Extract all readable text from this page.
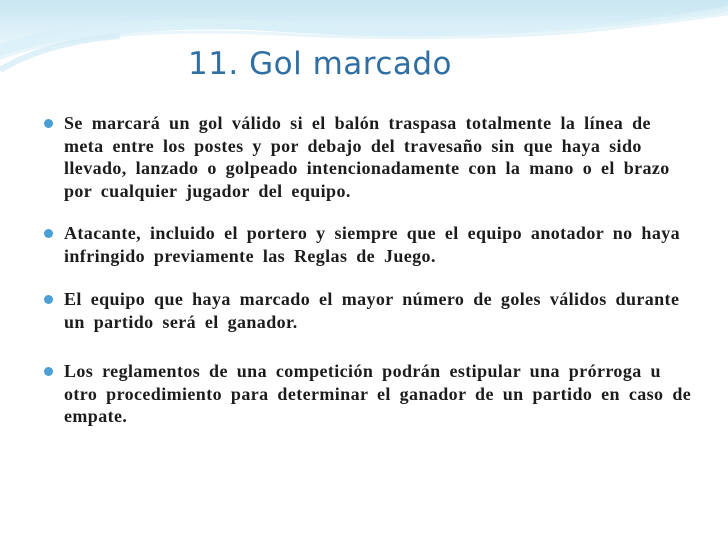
11. Gol marcado
Se marcará un gol válido si el balón traspasa totalmente la línea de meta entre los postes y por debajo del travesaño sin que haya sido llevado, lanzado o golpeado intencionadamente con la mano o el brazo por cualquier jugador del equipo.
Atacante, incluido el portero y siempre que el equipo anotador no haya infringido previamente las Reglas de Juego.
El equipo que haya marcado el mayor número de goles válidos durante un partido será el ganador.
Los reglamentos de una competición podrán estipular una prórroga u otro procedimiento para determinar el ganador de un partido en caso de empate.
